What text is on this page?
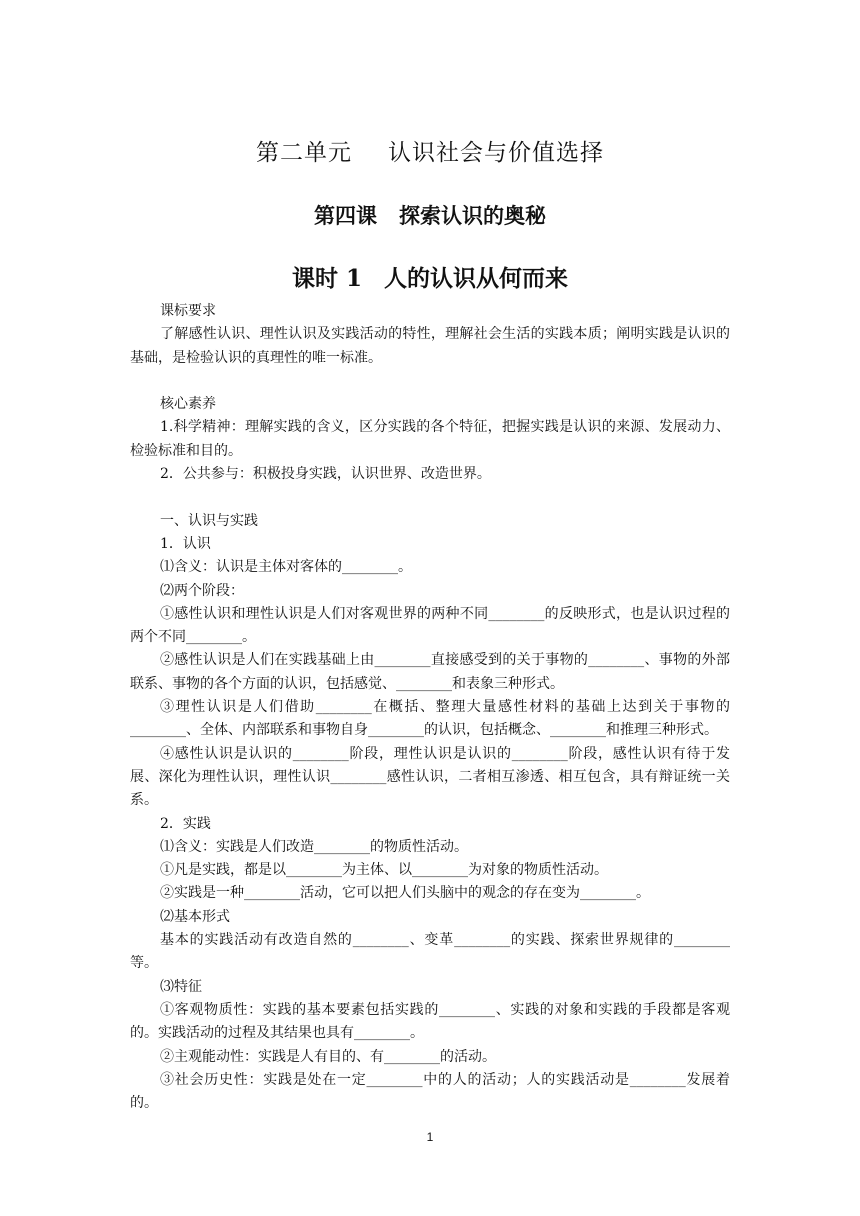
第二单元 认识社会与价值选择
第四课 探索认识的奥秘
课时 1 人的认识从何而来

课标要求

了解感性认识、理性认识及实践活动的特性，理解社会生活的实践本质；阐明实践是认识的基础，是检验认识的真理性的唯一标准。

核心素养

1.科学精神：理解实践的含义，区分实践的各个特征，把握实践是认识的来源、发展动力、检验标准和目的。

2．公共参与：积极投身实践，认识世界、改造世界。

一、认识与实践

1．认识

⑴含义：认识是主体对客体的________。

⑵两个阶段：

①感性认识和理性认识是人们对客观世界的两种不同________的反映形式，也是认识过程的两个不同________。

②感性认识是人们在实践基础上由________直接感受到的关于事物的________、事物的外部联系、事物的各个方面的认识，包括感觉、________和表象三种形式。

③理性认识是人们借助________在概括、整理大量感性材料的基础上达到关于事物的________、全体、内部联系和事物自身________的认识，包括概念、________和推理三种形式。

④感性认识是认识的________阶段，理性认识是认识的________阶段，感性认识有待于发展、深化为理性认识，理性认识________感性认识，二者相互渗透、相互包含，具有辩证统一关系。

2．实践

⑴含义：实践是人们改造________的物质性活动。

①凡是实践，都是以________为主体、以________为对象的物质性活动。

②实践是一种________活动，它可以把人们头脑中的观念的存在变为________。

⑵基本形式

基本的实践活动有改造自然的________、变革________的实践、探索世界规律的________等。

⑶特征

①客观物质性：实践的基本要素包括实践的________、实践的对象和实践的手段都是客观的。实践活动的过程及其结果也具有________。

②主观能动性：实践是人有目的、有________的活动。

③社会历史性：实践是处在一定________中的人的活动；人的实践活动是________发展着的。

1
